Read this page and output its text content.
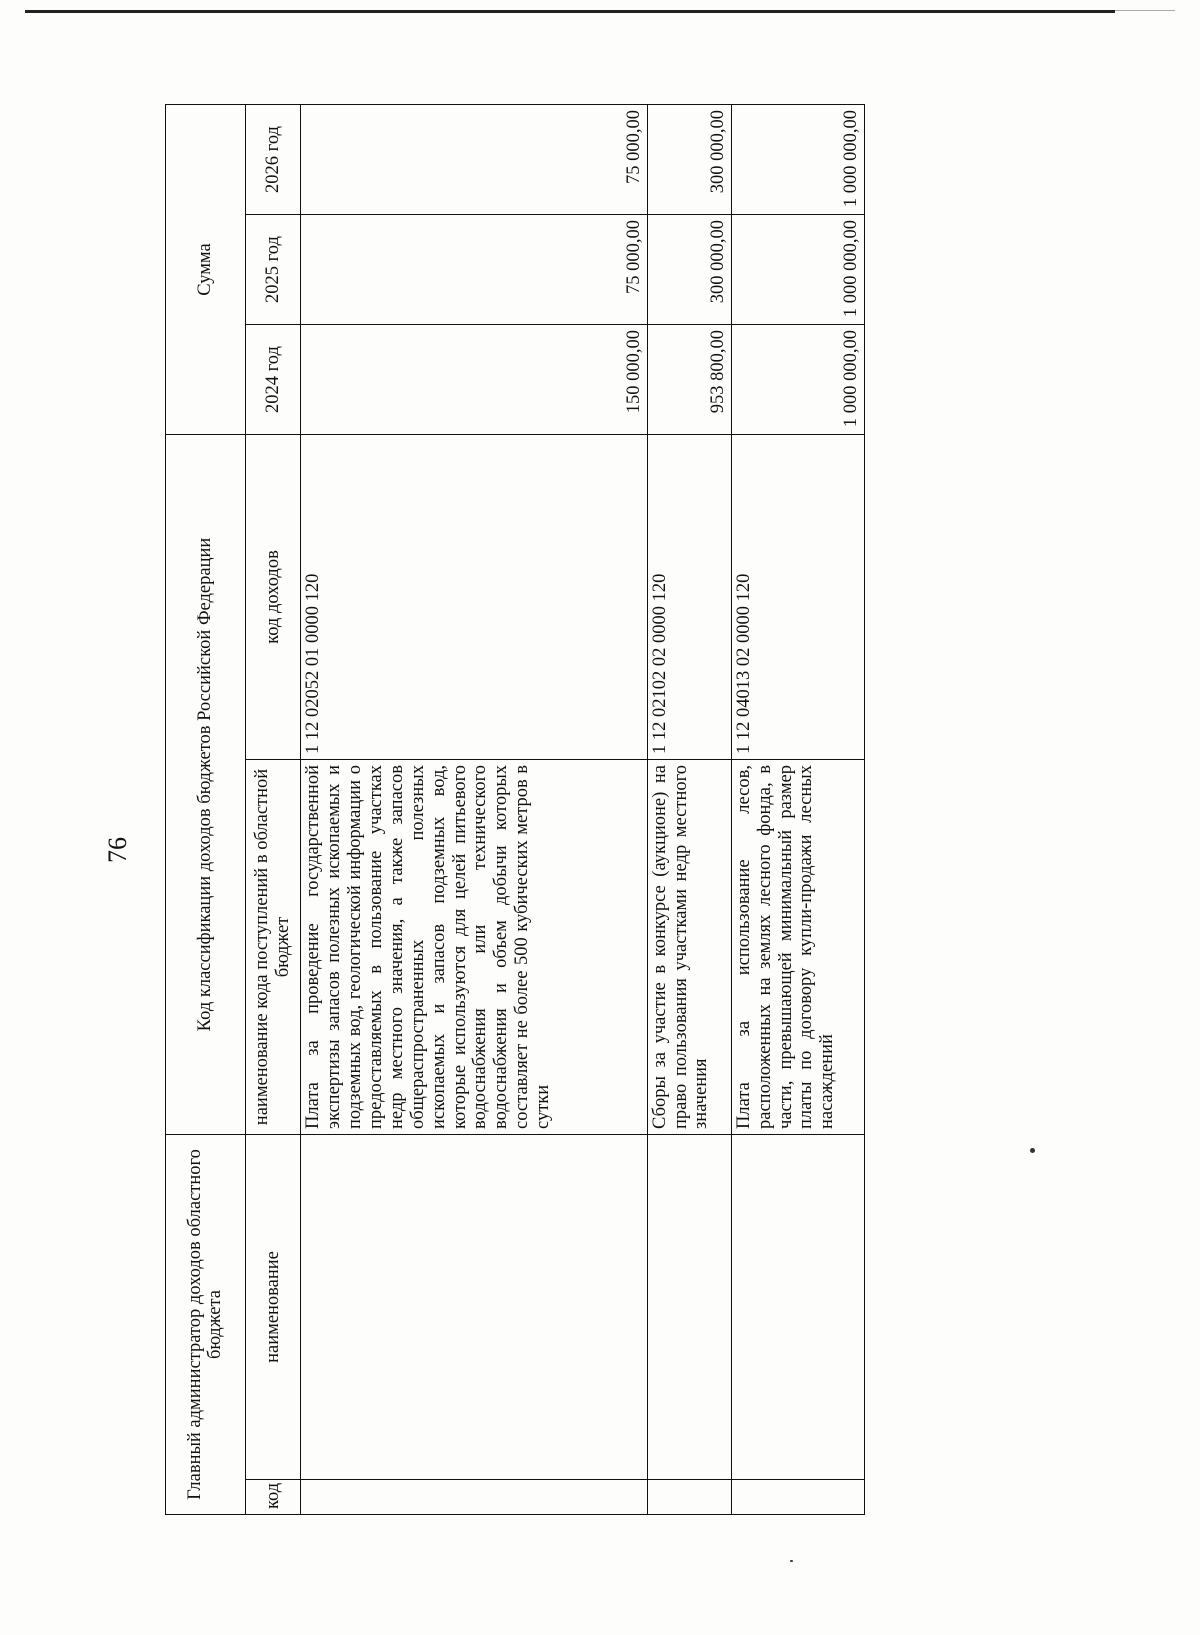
76
Главный администратор доходов областного бюджета		Код классификации доходов бюджетов Российской Федерации		Сумма		
код	наименование	наименование кода поступлений в областной бюджет	код доходов	2024 год	2025 год	2026 год
		Плата за проведение государственной экспертизы запасов полезных ископаемых и подземных вод, геологической информации о предоставляемых в пользование участках недр местного значения, а также запасов общераспространенных полезных ископаемых и запасов подземных вод, которые используются для целей питьевого водоснабжения или технического водоснабжения и объем добычи которых составляет не более 500 кубических метров в сутки	1 12 02052 01 0000 120	150 000,00	75 000,00	75 000,00
		Сборы за участие в конкурсе (аукционе) на право пользования участками недр местного значения	1 12 02102 02 0000 120	953 800,00	300 000,00	300 000,00
		Плата за использование лесов, расположенных на землях лесного фонда, в части, превышающей минимальный размер платы по договору купли-продажи лесных насаждений	1 12 04013 02 0000 120	1 000 000,00	1 000 000,00	1 000 000,00
